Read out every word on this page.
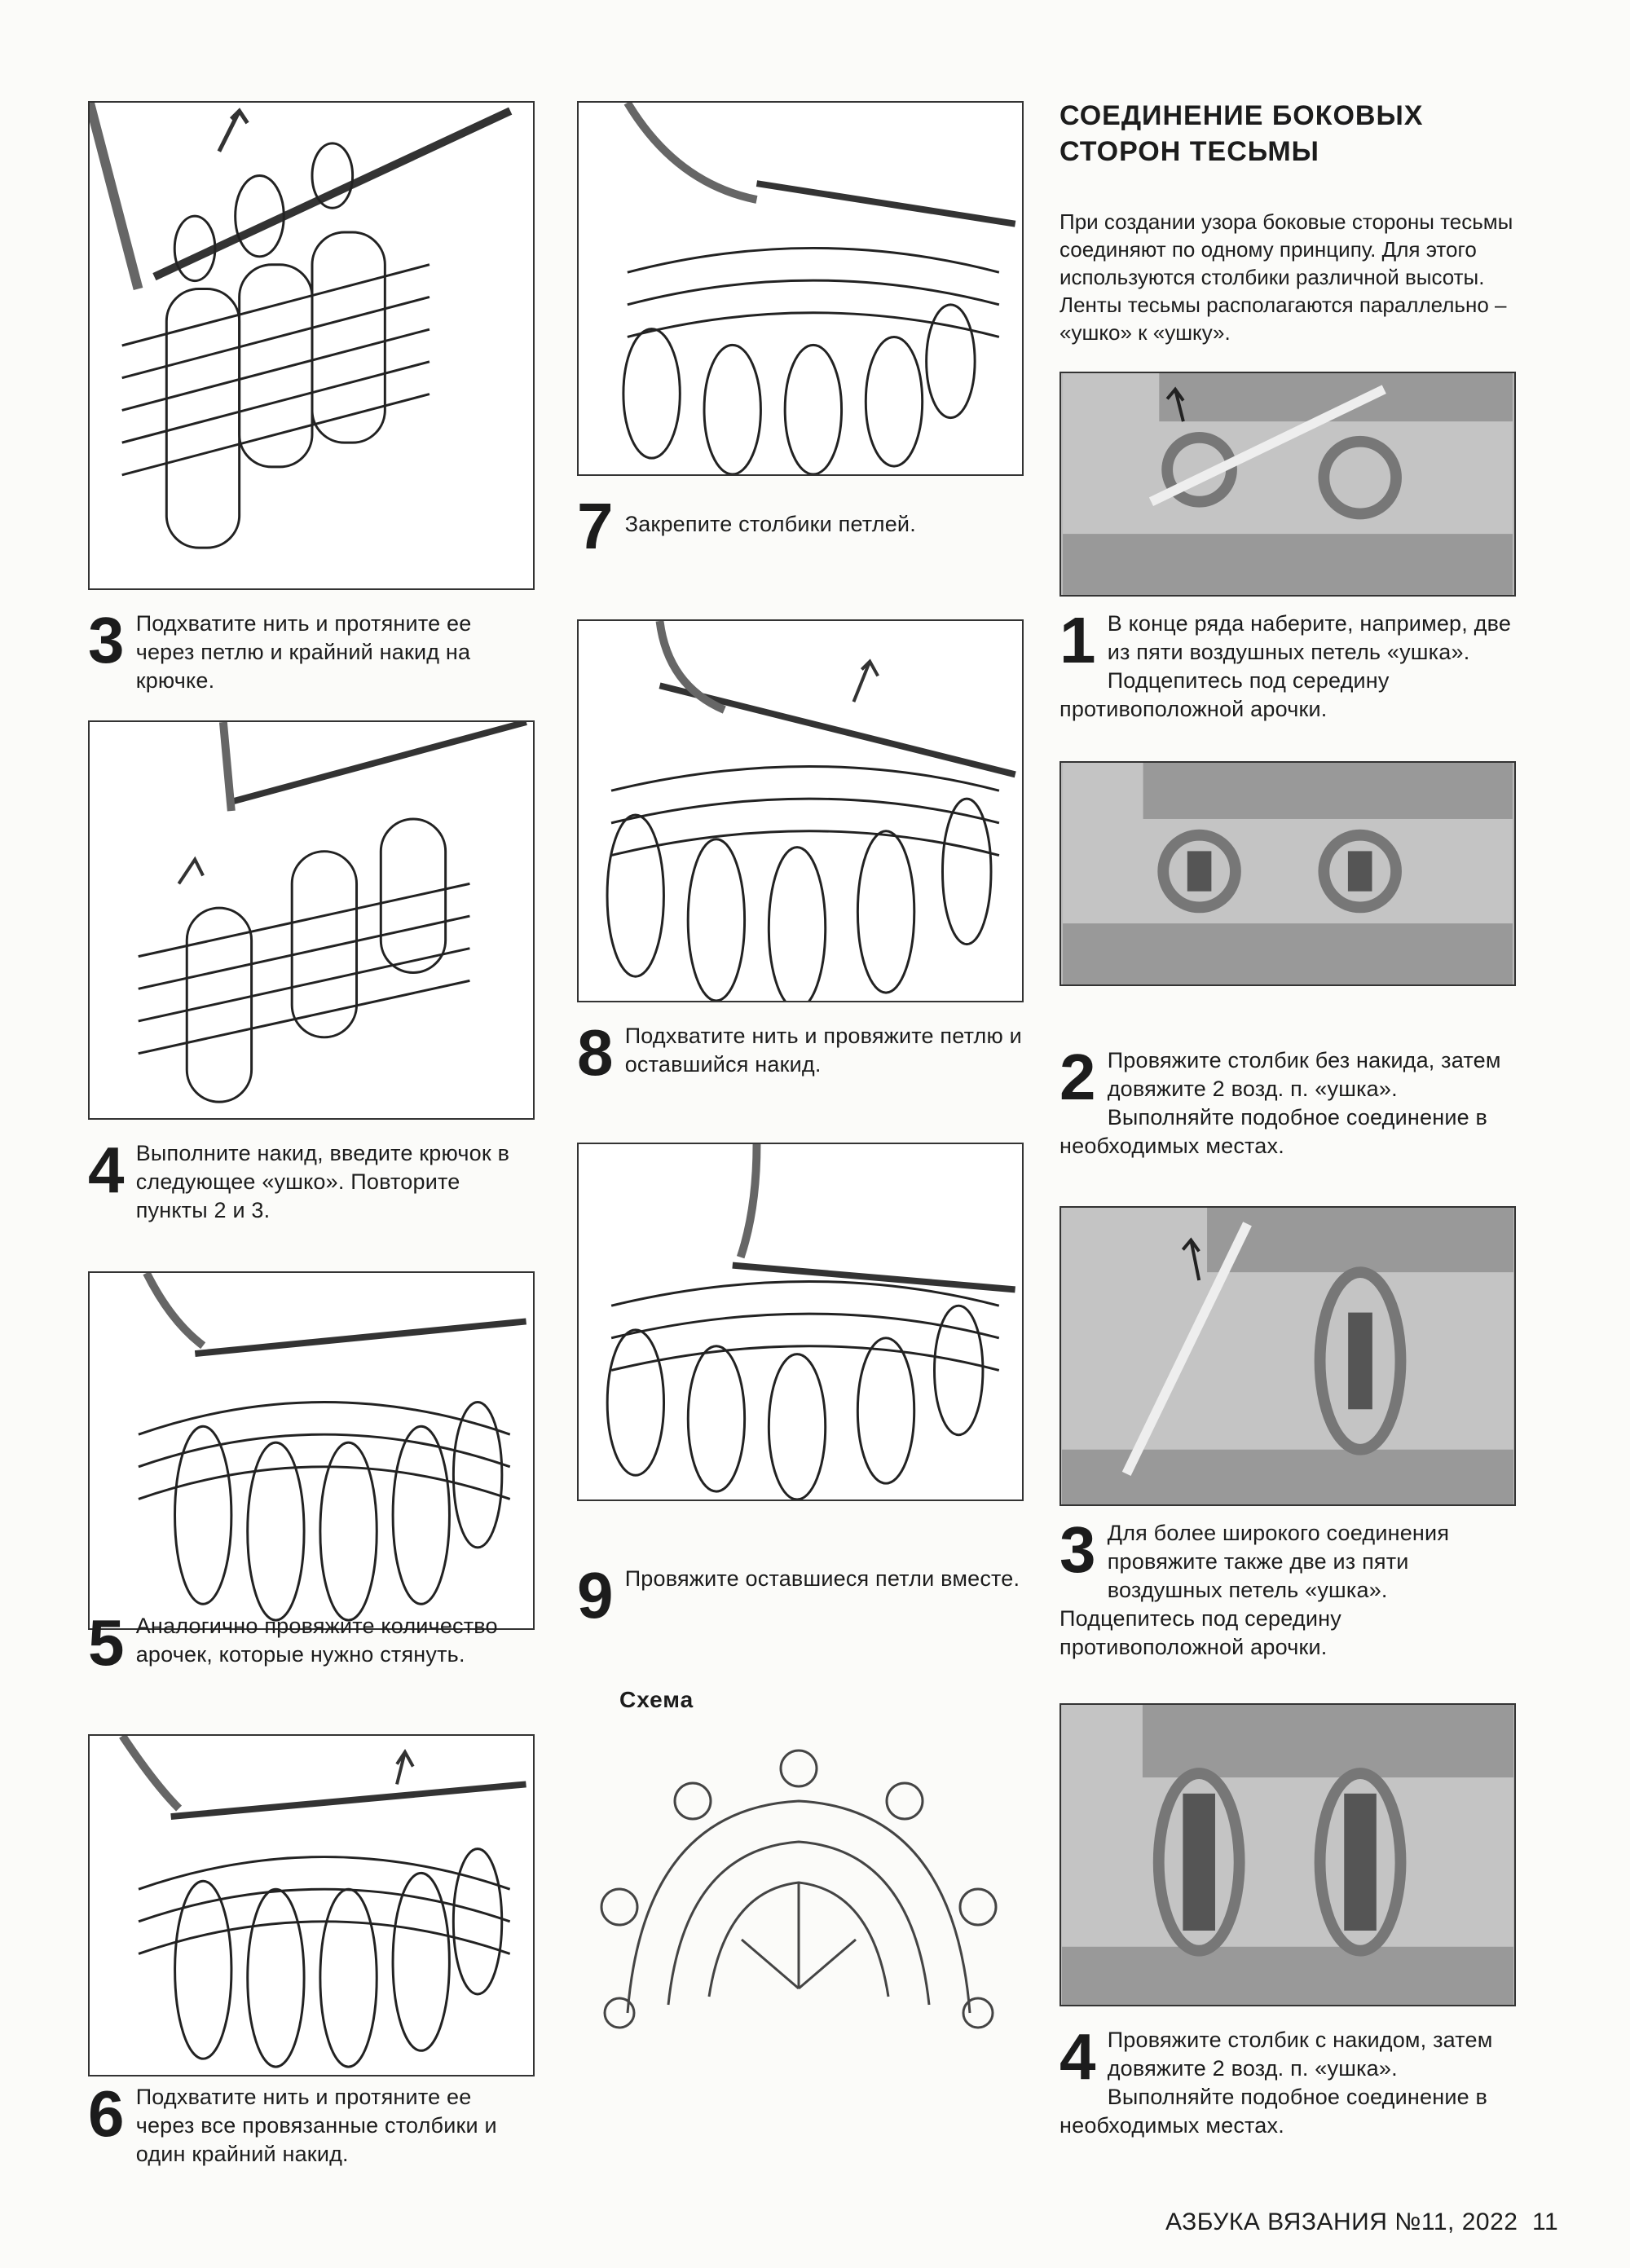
3 Подхватите нить и протяните ее через петлю и крайний накид на крючке.
4 Выполните накид, введите крючок в следующее «ушко». Повторите пункты 2 и 3.
5 Аналогично провяжите количество арочек, которые нужно стянуть.
6 Подхватите нить и протяните ее через все провязанные столбики и один крайний накид.
7 Закрепите столбики петлей.
8 Подхватите нить и провяжите петлю и оставшийся накид.
9 Провяжите оставшиеся петли вместе.
Схема
СОЕДИНЕНИЕ БОКОВЫХ СТОРОН ТЕСЬМЫ
При создании узора боковые стороны тесьмы соединяют по одному принципу. Для этого используются столбики различной высоты. Ленты тесьмы располагаются параллельно – «ушко» к «ушку».
1 В конце ряда наберите, например, две из пяти воздушных петель «ушка». Подцепитесь под середину противоположной арочки.
2 Провяжите столбик без накида, затем довяжите 2 возд. п. «ушка». Выполняйте подобное соединение в необходимых местах.
3 Для более широкого соединения провяжите также две из пяти воздушных петель «ушка». Подцепитесь под середину противоположной арочки.
4 Провяжите столбик с накидом, затем довяжите 2 возд. п. «ушка». Выполняйте подобное соединение в необходимых местах.
АЗБУКА ВЯЗАНИЯ №11, 2022 11
